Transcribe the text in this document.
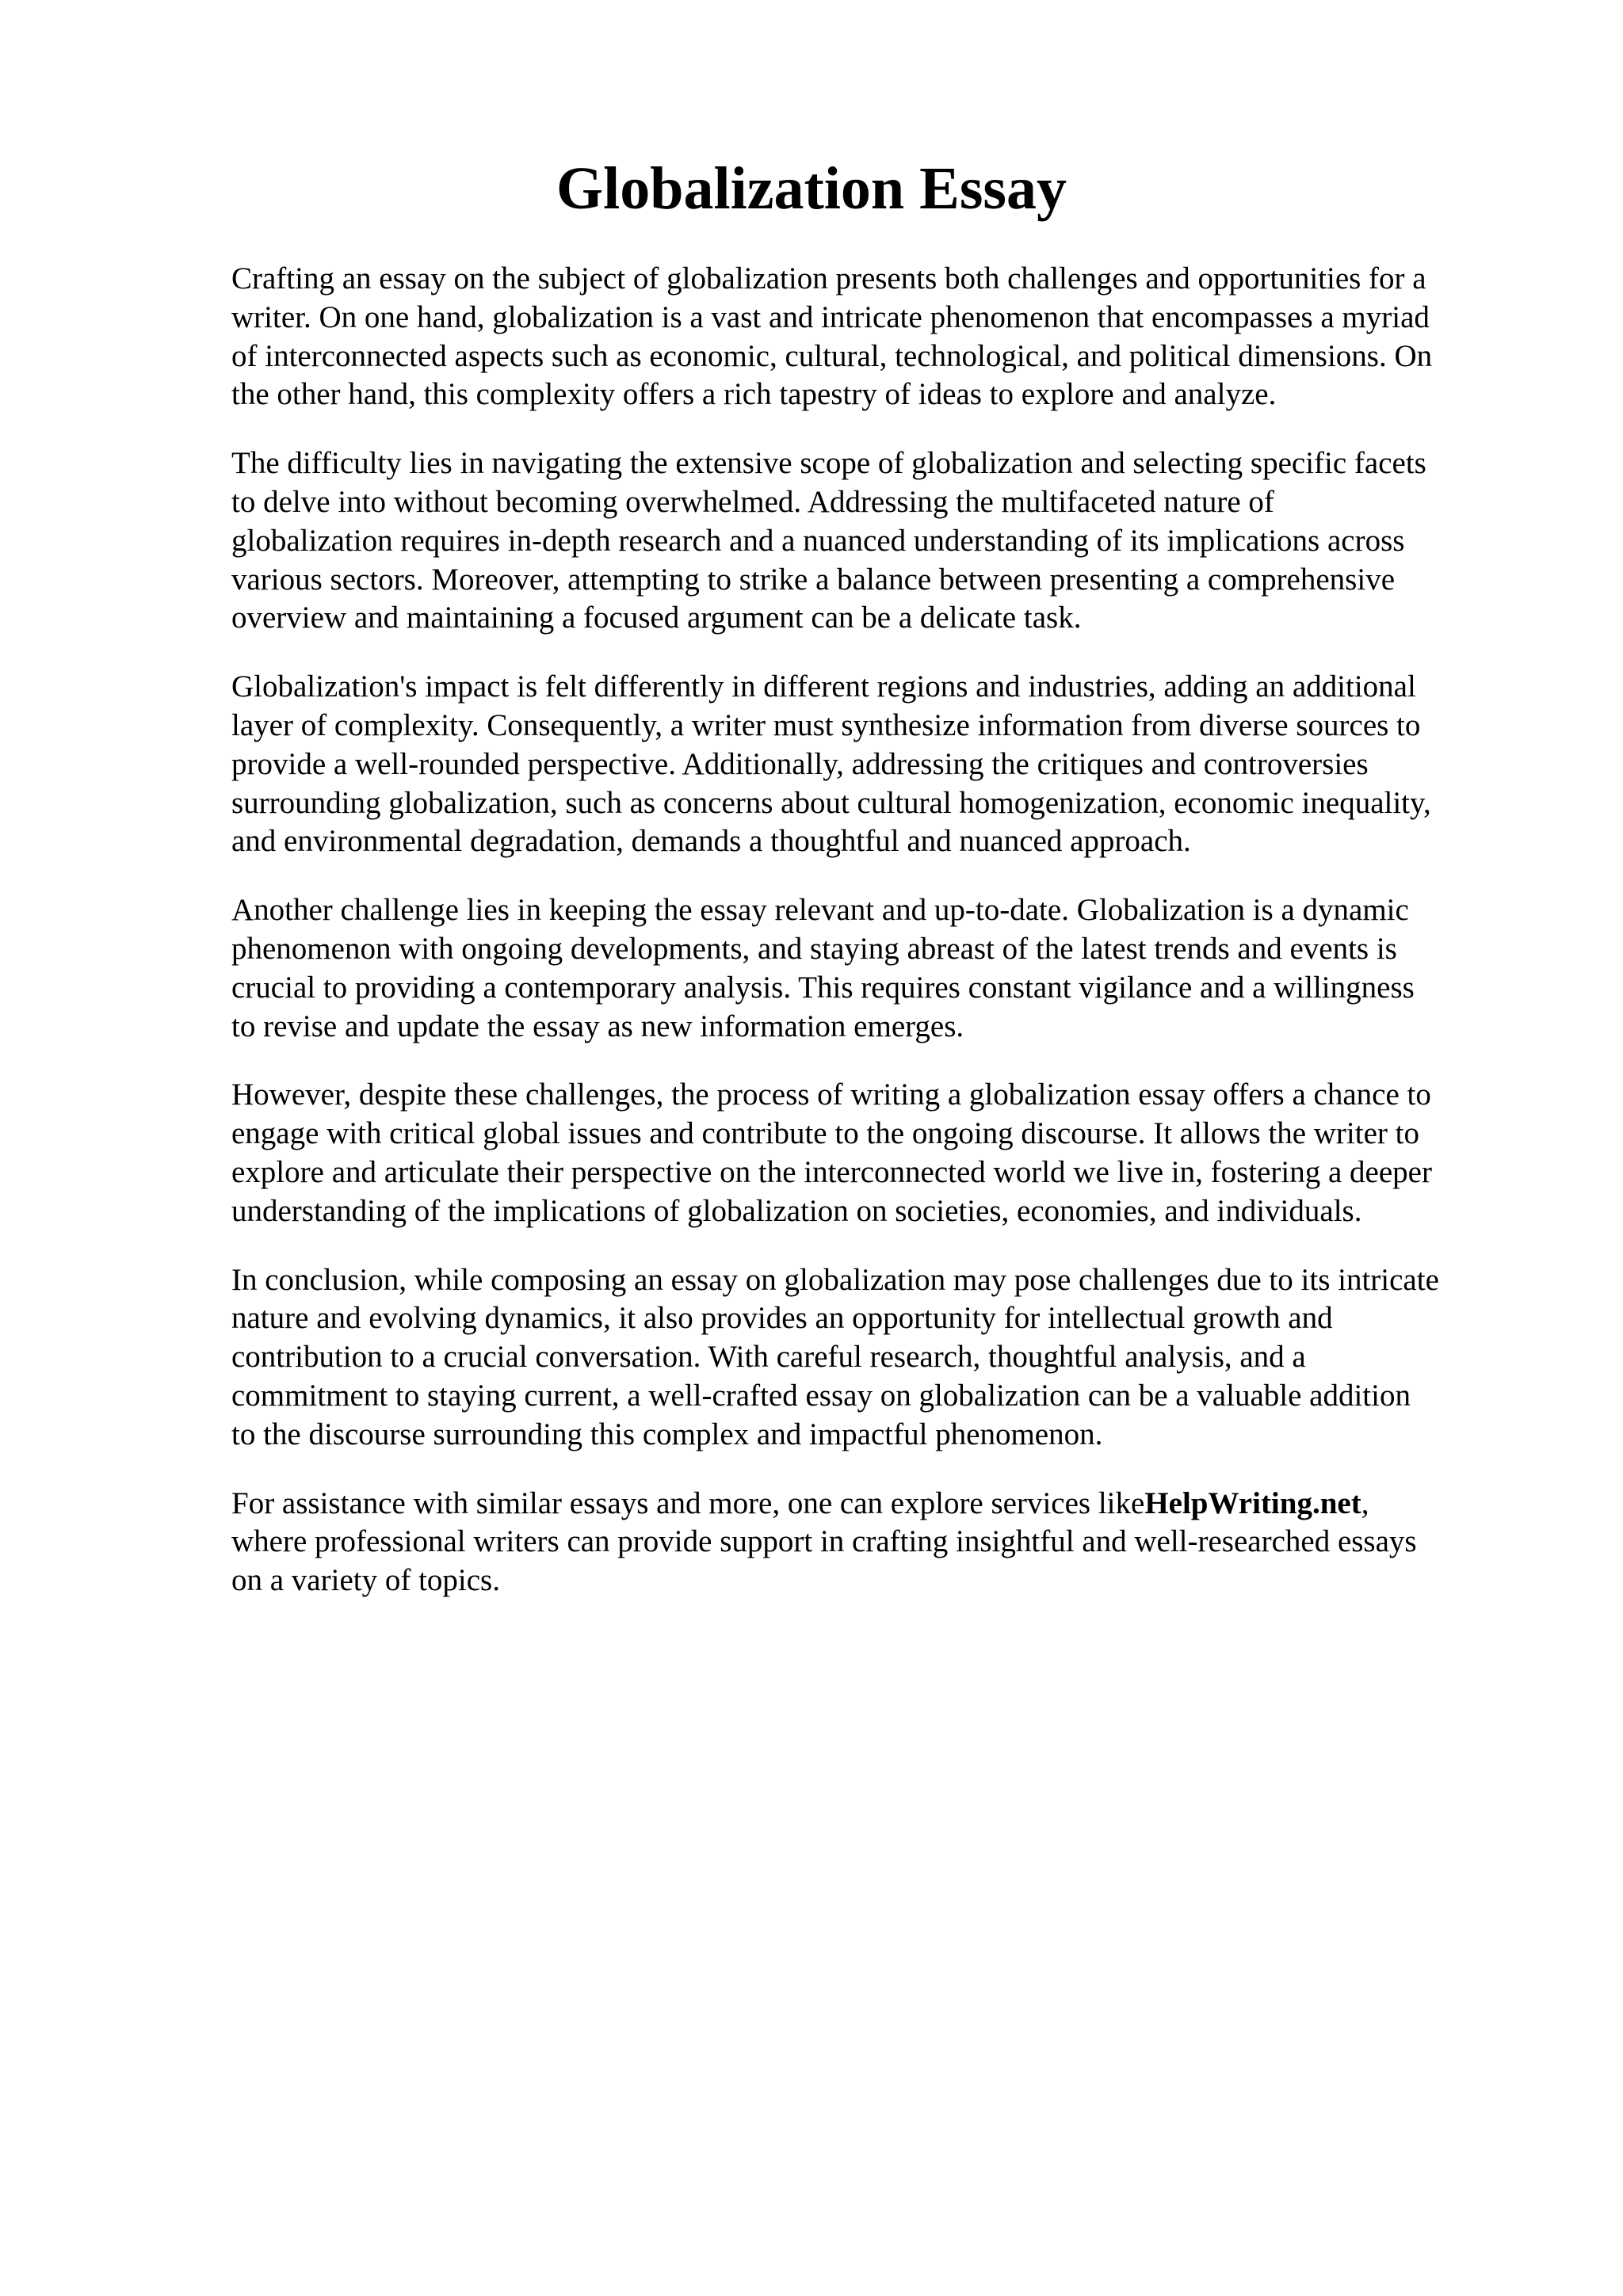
Globalization Essay

Crafting an essay on the subject of globalization presents both challenges and opportunities for a
writer. On one hand, globalization is a vast and intricate phenomenon that encompasses a myriad
of interconnected aspects such as economic, cultural, technological, and political dimensions. On
the other hand, this complexity offers a rich tapestry of ideas to explore and analyze.

The difficulty lies in navigating the extensive scope of globalization and selecting specific facets
to delve into without becoming overwhelmed. Addressing the multifaceted nature of
globalization requires in-depth research and a nuanced understanding of its implications across
various sectors. Moreover, attempting to strike a balance between presenting a comprehensive
overview and maintaining a focused argument can be a delicate task.

Globalization's impact is felt differently in different regions and industries, adding an additional
layer of complexity. Consequently, a writer must synthesize information from diverse sources to
provide a well-rounded perspective. Additionally, addressing the critiques and controversies
surrounding globalization, such as concerns about cultural homogenization, economic inequality,
and environmental degradation, demands a thoughtful and nuanced approach.

Another challenge lies in keeping the essay relevant and up-to-date. Globalization is a dynamic
phenomenon with ongoing developments, and staying abreast of the latest trends and events is
crucial to providing a contemporary analysis. This requires constant vigilance and a willingness
to revise and update the essay as new information emerges.

However, despite these challenges, the process of writing a globalization essay offers a chance to
engage with critical global issues and contribute to the ongoing discourse. It allows the writer to
explore and articulate their perspective on the interconnected world we live in, fostering a deeper
understanding of the implications of globalization on societies, economies, and individuals.

In conclusion, while composing an essay on globalization may pose challenges due to its intricate
nature and evolving dynamics, it also provides an opportunity for intellectual growth and
contribution to a crucial conversation. With careful research, thoughtful analysis, and a
commitment to staying current, a well-crafted essay on globalization can be a valuable addition
to the discourse surrounding this complex and impactful phenomenon.

For assistance with similar essays and more, one can explore services likeHelpWriting.net,
where professional writers can provide support in crafting insightful and well-researched essays
on a variety of topics.
